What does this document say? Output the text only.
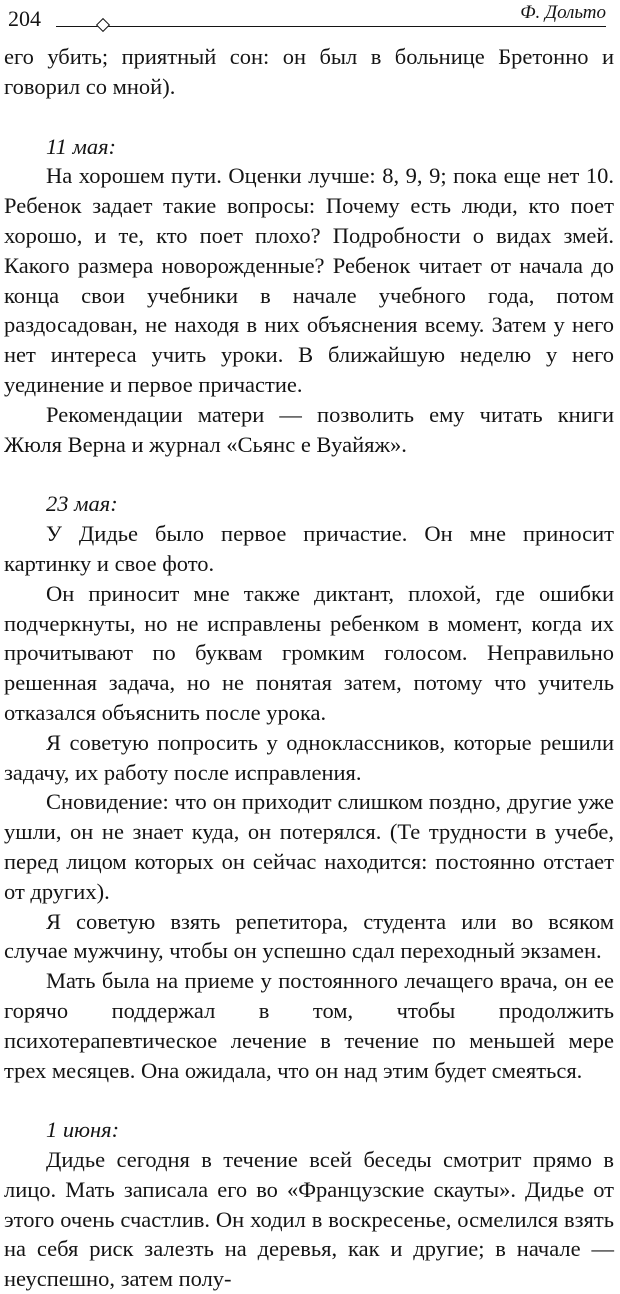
204	Ф. Дольто

его убить; приятный сон: он был в больнице Бретонно и говорил со мной).

11 мая:

На хорошем пути. Оценки лучше: 8, 9, 9; пока еще нет 10. Ребенок задает такие вопросы: Почему есть люди, кто поет хорошо, и те, кто поет плохо? Подробности о видах змей. Какого размера новорожденные? Ребенок читает от начала до конца свои учебники в начале учебного года, потом раздосадован, не находя в них объяснения всему. Затем у него нет интереса учить уроки. В ближайшую неделю у него уединение и первое причастие.

Рекомендации матери — позволить ему читать книги Жюля Верна и журнал «Сьянс е Вуайяж».

23 мая:

У Дидье было первое причастие. Он мне приносит картинку и свое фото.

Он приносит мне также диктант, плохой, где ошибки подчеркнуты, но не исправлены ребенком в момент, когда их прочитывают по буквам громким голосом. Неправильно решенная задача, но не понятая затем, потому что учитель отказался объяснить после урока.

Я советую попросить у одноклассников, которые решили задачу, их работу после исправления.

Сновидение: что он приходит слишком поздно, другие уже ушли, он не знает куда, он потерялся. (Те трудности в учебе, перед лицом которых он сейчас находится: постоянно отстает от других).

Я советую взять репетитора, студента или во всяком случае мужчину, чтобы он успешно сдал переходный экзамен.

Мать была на приеме у постоянного лечащего врача, он ее горячо поддержал в том, чтобы продолжить психотерапевтическое лечение в течение по меньшей мере трех месяцев. Она ожидала, что он над этим будет смеяться.

1 июня:

Дидье сегодня в течение всей беседы смотрит прямо в лицо. Мать записала его во «Французские скауты». Дидье от этого очень счастлив. Он ходил в воскресенье, осмелился взять на себя риск залезть на деревья, как и другие; в начале — неуспешно, затем полу-
